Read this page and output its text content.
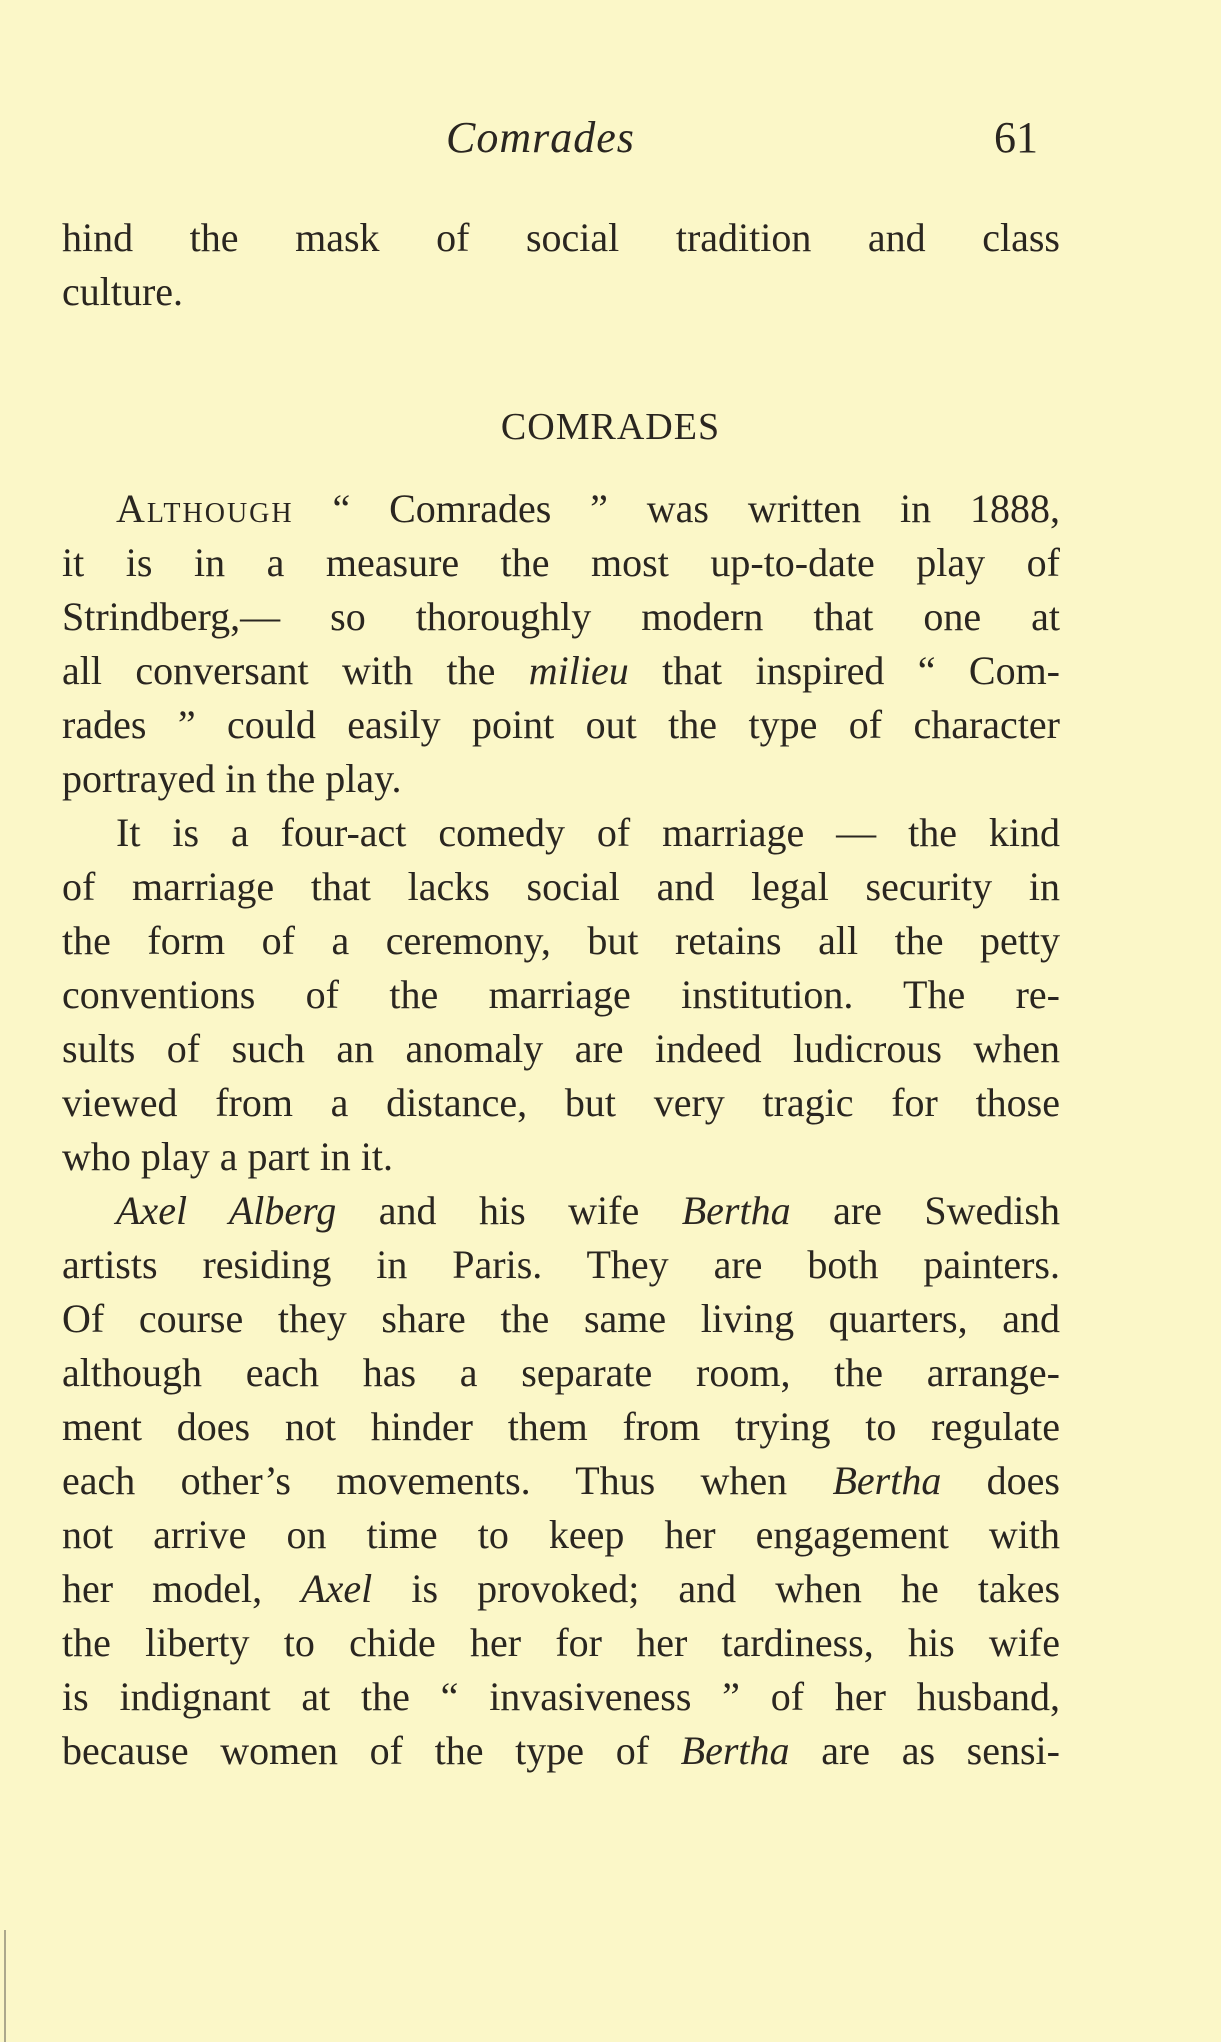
Comrades	61
hind the mask of social tradition and class
culture.
COMRADES
Although “ Comrades ” was written in 1888,
it is in a measure the most up-to-date play of
Strindberg,— so thoroughly modern that one at
all conversant with the milieu that inspired “ Com-
rades ” could easily point out the type of character
portrayed in the play.
It is a four-act comedy of marriage — the kind
of marriage that lacks social and legal security in
the form of a ceremony, but retains all the petty
conventions of the marriage institution. The re-
sults of such an anomaly are indeed ludicrous when
viewed from a distance, but very tragic for those
who play a part in it.
Axel Alberg and his wife Bertha are Swedish
artists residing in Paris. They are both painters.
Of course they share the same living quarters, and
although each has a separate room, the arrange-
ment does not hinder them from trying to regulate
each other’s movements. Thus when Bertha does
not arrive on time to keep her engagement with
her model, Axel is provoked; and when he takes
the liberty to chide her for her tardiness, his wife
is indignant at the “ invasiveness ” of her husband,
because women of the type of Bertha are as sensi-
